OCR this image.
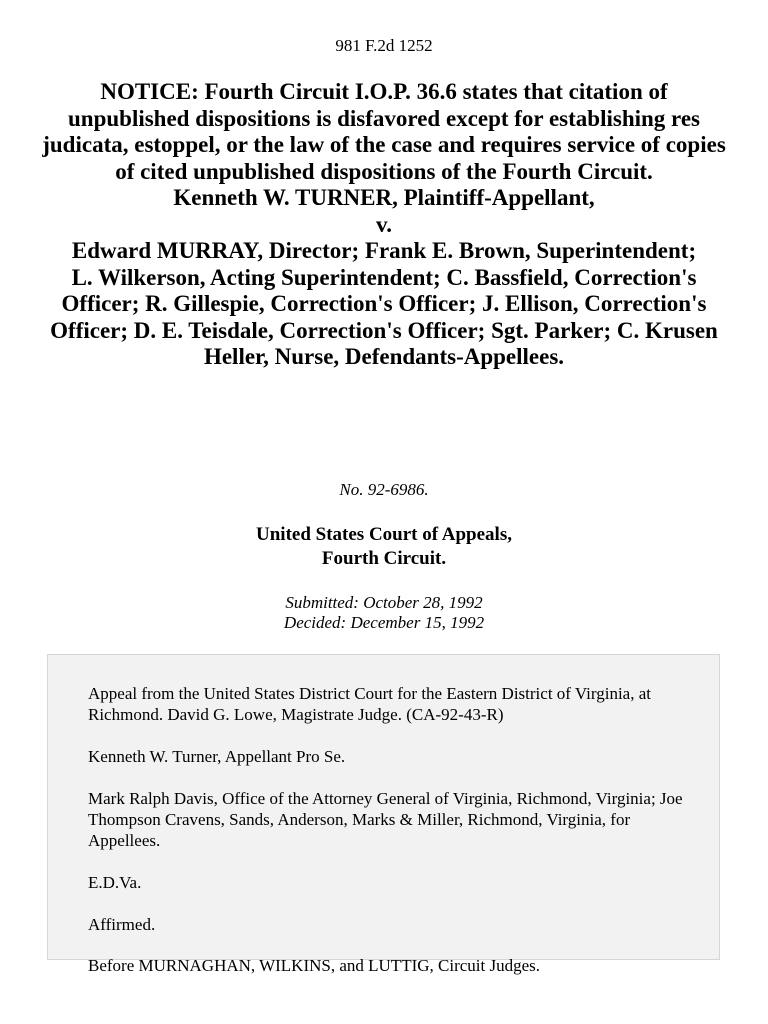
981 F.2d 1252
NOTICE: Fourth Circuit I.O.P. 36.6 states that citation of unpublished dispositions is disfavored except for establishing res judicata, estoppel, or the law of the case and requires service of copies of cited unpublished dispositions of the Fourth Circuit.
Kenneth W. TURNER, Plaintiff-Appellant,
v.
Edward MURRAY, Director; Frank E. Brown, Superintendent;
L. Wilkerson, Acting Superintendent; C. Bassfield, Correction's Officer; R. Gillespie, Correction's Officer; J. Ellison, Correction's Officer; D. E. Teisdale, Correction's Officer; Sgt. Parker; C. Krusen Heller, Nurse, Defendants-Appellees.
No. 92-6986.
United States Court of Appeals,
Fourth Circuit.
Submitted: October 28, 1992
Decided: December 15, 1992

Appeal from the United States District Court for the Eastern District of Virginia, at Richmond. David G. Lowe, Magistrate Judge. (CA-92-43-R)

Kenneth W. Turner, Appellant Pro Se.

Mark Ralph Davis, Office of the Attorney General of Virginia, Richmond, Virginia; Joe Thompson Cravens, Sands, Anderson, Marks & Miller, Richmond, Virginia, for Appellees.

E.D.Va.

Affirmed.

Before MURNAGHAN, WILKINS, and LUTTIG, Circuit Judges.
